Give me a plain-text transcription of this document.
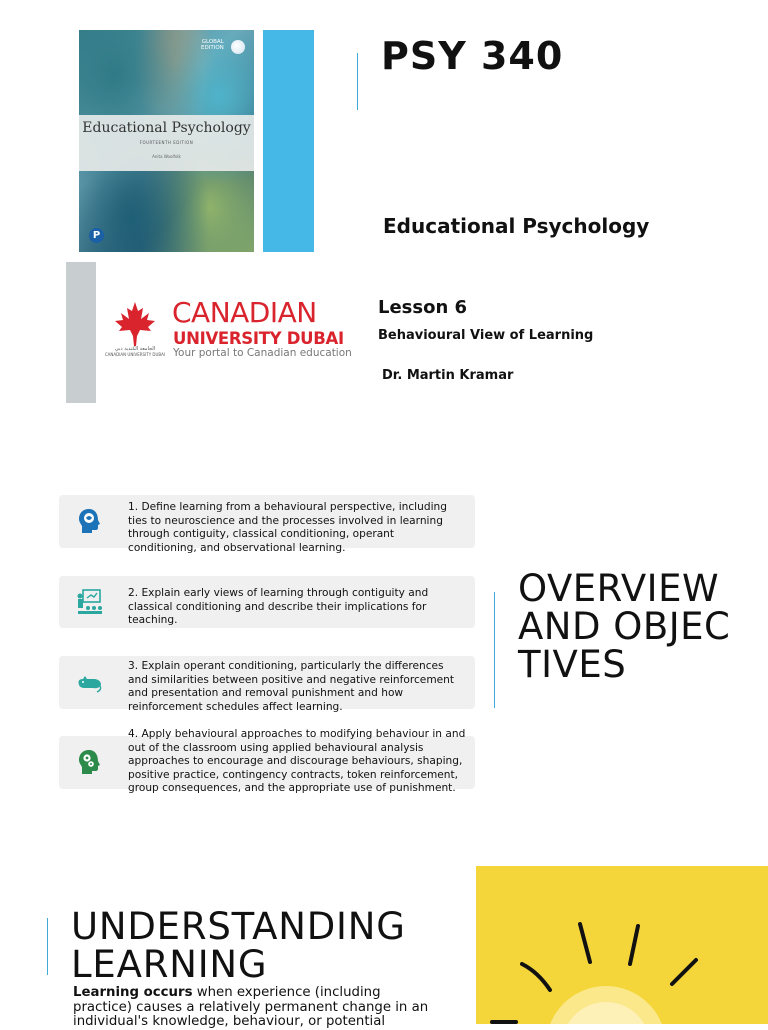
Educational Psychology
FOURTEENTH EDITION
Anita Woolfolk
GLOBAL
EDITION
P
PSY 340
Educational Psychology
Lesson 6
Behavioural View of Learning
Dr. Martin Kramar
الجامعة الكندية دبي
CANADIAN UNIVERSITY DUBAI
CANADIAN
UNIVERSITY DUBAI
Your portal to Canadian education
1. Define learning from a behavioural perspective, including ties to neuroscience and the processes involved in learning through contiguity, classical conditioning, operant conditioning, and observational learning.
2. Explain early views of learning through contiguity and classical conditioning and describe their implications for teaching.
3. Explain operant conditioning, particularly the differences and similarities between positive and negative reinforcement and presentation and removal punishment and how reinforcement schedules affect learning.
4. Apply behavioural approaches to modifying behaviour in and out of the classroom using applied behavioural analysis approaches to encourage and discourage behaviours, shaping, positive practice, contingency contracts, token reinforcement, group consequences, and the appropriate use of punishment.
OVERVIEW AND OBJECTIVES
UNDERSTANDING LEARNING
Learning occurs when experience (including practice) causes a relatively permanent change in an individual's knowledge, behaviour, or potential
